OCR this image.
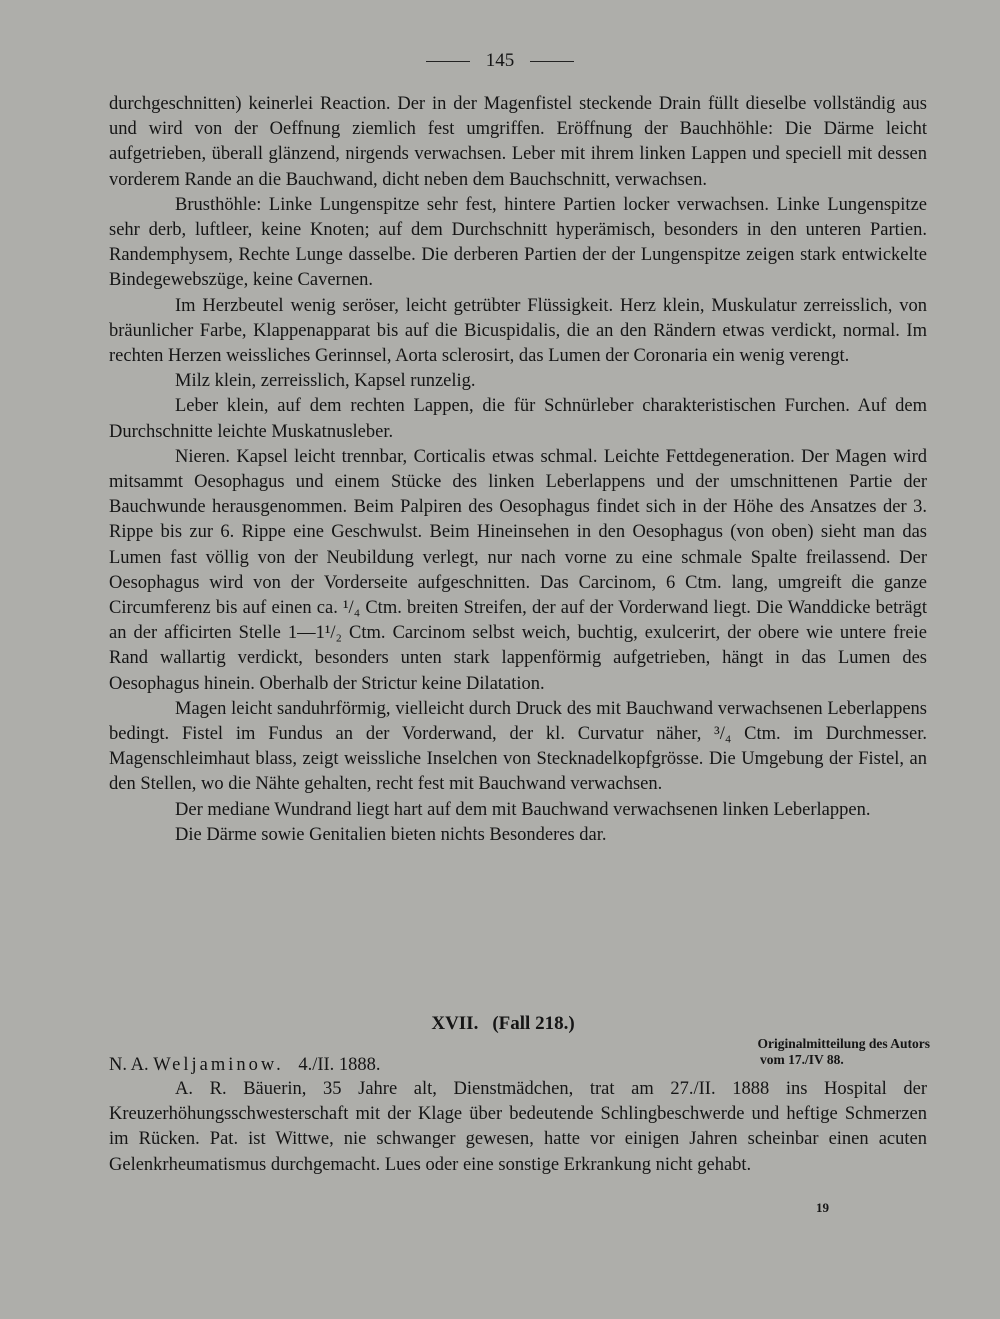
145

durchgeschnitten) keinerlei Reaction. Der in der Magenfistel steckende Drain füllt dieselbe vollständig aus und wird von der Oeffnung ziemlich fest umgriffen. Eröffnung der Bauchhöhle: Die Därme leicht aufgetrieben, überall glänzend, nirgends verwachsen. Leber mit ihrem linken Lappen und speciell mit dessen vorderem Rande an die Bauchwand, dicht neben dem Bauchschnitt, verwachsen.

Brusthöhle: Linke Lungenspitze sehr fest, hintere Partien locker verwachsen. Linke Lungenspitze sehr derb, luftleer, keine Knoten; auf dem Durchschnitt hyperämisch, besonders in den unteren Partien. Randemphysem, Rechte Lunge dasselbe. Die derberen Partien der der Lungenspitze zeigen stark entwickelte Bindegewebszüge, keine Cavernen.

Im Herzbeutel wenig seröser, leicht getrübter Flüssigkeit. Herz klein, Muskulatur zerreisslich, von bräunlicher Farbe, Klappenapparat bis auf die Bicuspidalis, die an den Rändern etwas verdickt, normal. Im rechten Herzen weissliches Gerinnsel, Aorta sclerosirt, das Lumen der Coronaria ein wenig verengt.

Milz klein, zerreisslich, Kapsel runzelig.

Leber klein, auf dem rechten Lappen, die für Schnürleber charakteristischen Furchen. Auf dem Durchschnitte leichte Muskatnusleber.

Nieren. Kapsel leicht trennbar, Corticalis etwas schmal. Leichte Fettdegeneration. Der Magen wird mitsammt Oesophagus und einem Stücke des linken Leberlappens und der umschnittenen Partie der Bauchwunde herausgenommen. Beim Palpiren des Oesophagus findet sich in der Höhe des Ansatzes der 3. Rippe bis zur 6. Rippe eine Geschwulst. Beim Hineinsehen in den Oesophagus (von oben) sieht man das Lumen fast völlig von der Neubildung verlegt, nur nach vorne zu eine schmale Spalte freilassend. Der Oesophagus wird von der Vorderseite aufgeschnitten. Das Carcinom, 6 Ctm. lang, umgreift die ganze Circumferenz bis auf einen ca. ¹/₄ Ctm. breiten Streifen, der auf der Vorderwand liegt. Die Wanddicke beträgt an der afficirten Stelle 1—1¹/₂ Ctm. Carcinom selbst weich, buchtig, exulcerirt, der obere wie untere freie Rand wallartig verdickt, besonders unten stark lappenförmig aufgetrieben, hängt in das Lumen des Oesophagus hinein. Oberhalb der Strictur keine Dilatation.

Magen leicht sanduhrförmig, vielleicht durch Druck des mit Bauchwand verwachsenen Leberlappens bedingt. Fistel im Fundus an der Vorderwand, der kl. Curvatur näher, ³/₄ Ctm. im Durchmesser. Magenschleimhaut blass, zeigt weissliche Inselchen von Stecknadelkopfgrösse. Die Umgebung der Fistel, an den Stellen, wo die Nähte gehalten, recht fest mit Bauchwand verwachsen.

Der mediane Wundrand liegt hart auf dem mit Bauchwand verwachsenen linken Leberlappen.

Die Därme sowie Genitalien bieten nichts Besonderes dar.

XVII. (Fall 218.)
Originalmitteilung des Autors
vom 17./IV 88.
N. A. Weljaminow. 4./II. 1888.

A. R. Bäuerin, 35 Jahre alt, Dienstmädchen, trat am 27./II. 1888 ins Hospital der Kreuzerhöhungsschwesterschaft mit der Klage über bedeutende Schlingbeschwerde und heftige Schmerzen im Rücken. Pat. ist Wittwe, nie schwanger gewesen, hatte vor einigen Jahren scheinbar einen acuten Gelenkrheumatismus durchgemacht. Lues oder eine sonstige Erkrankung nicht gehabt.

19
